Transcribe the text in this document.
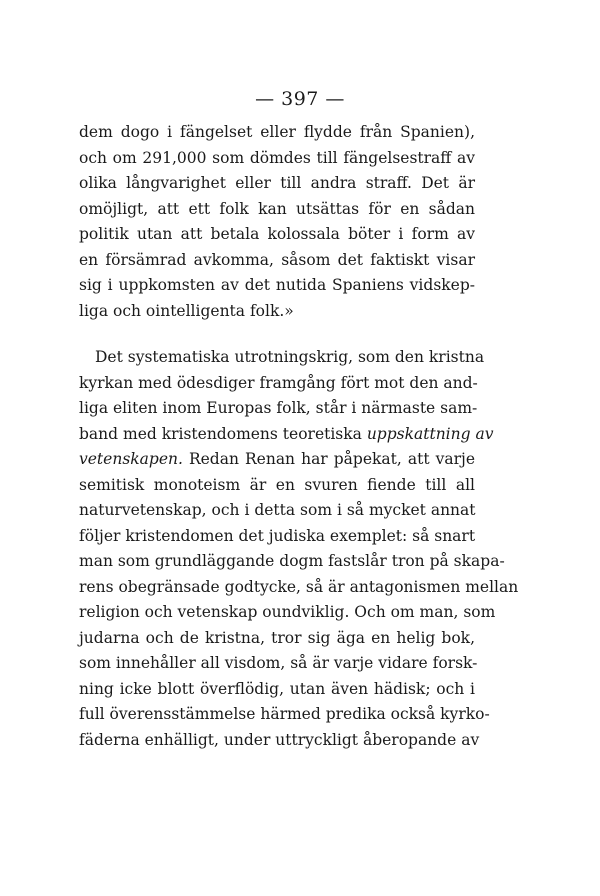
— 397 —
dem dogo i fängelset eller flydde från Spanien),
och om 291,000 som dömdes till fängelsestraff av
olika långvarighet eller till andra straff. Det är
omöjligt, att ett folk kan utsättas för en sådan
politik utan att betala kolossala böter i form av
en försämrad avkomma, såsom det faktiskt visar
sig i uppkomsten av det nutida Spaniens vidskep-
liga och ointelligenta folk.»
Det systematiska utrotningskrig, som den kristna
kyrkan med ödesdiger framgång fört mot den and-
liga eliten inom Europas folk, står i närmaste sam-
band med kristendomens teoretiska uppskattning av
vetenskapen. Redan Renan har påpekat, att varje
semitisk monoteism är en svuren fiende till all
naturvetenskap, och i detta som i så mycket annat
följer kristendomen det judiska exemplet: så snart
man som grundläggande dogm fastslår tron på skapa-
rens obegränsade godtycke, så är antagonismen mellan
religion och vetenskap oundviklig. Och om man, som
judarna och de kristna, tror sig äga en helig bok,
som innehåller all visdom, så är varje vidare forsk-
ning icke blott överflödig, utan även hädisk; och i
full överensstämmelse härmed predika också kyrko-
fäderna enhälligt, under uttryckligt åberopande av
